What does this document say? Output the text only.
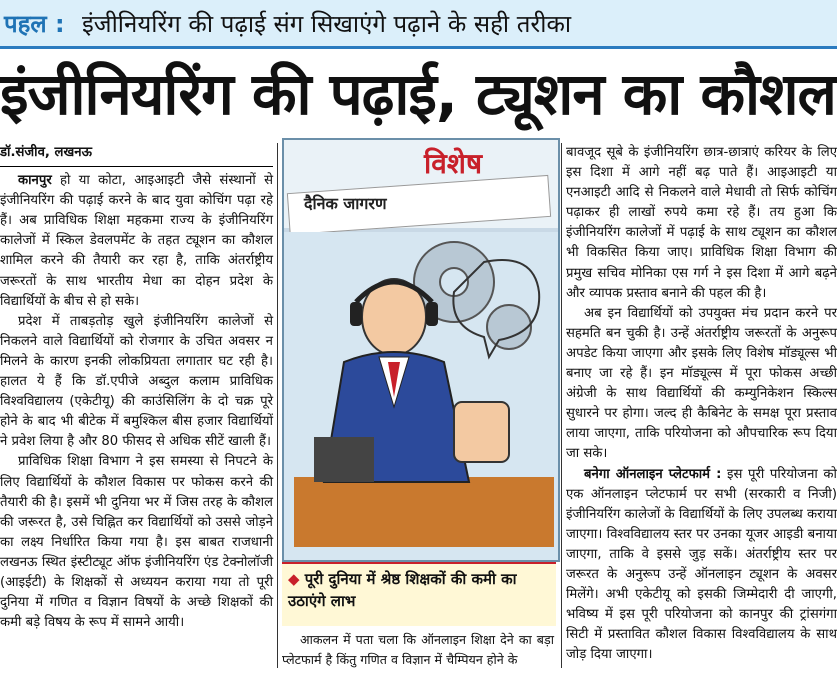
पहल : इंजीनियरिंग की पढ़ाई संग सिखाएंगे पढ़ाने के सही तरीका
इंजीनियरिंग की पढ़ाई, ट्यूशन का कौशल

डॉ.संजीव, लखनऊ

कानपुर हो या कोटा, आइआइटी जैसे संस्थानों से इंजीनियरिंग की पढ़ाई करने के बाद युवा कोचिंग पढ़ा रहे हैं। अब प्राविधिक शिक्षा महकमा राज्य के इंजीनियरिंग कालेजों में स्किल डेवलपमेंट के तहत ट्यूशन का कौशल शामिल करने की तैयारी कर रहा है, ताकि अंतर्राष्ट्रीय जरूरतों के साथ भारतीय मेधा का दोहन प्रदेश के विद्यार्थियों के बीच से हो सके।

प्रदेश में ताबड़तोड़ खुले इंजीनियरिंग कालेजों से निकलने वाले विद्यार्थियों को रोजगार के उचित अवसर न मिलने के कारण इनकी लोकप्रियता लगातार घट रही है। हालत ये हैं कि डॉ.एपीजे अब्दुल कलाम प्राविधिक विश्वविद्यालय (एकेटीयू) की काउंसिलिंग के दो चक्र पूरे होने के बाद भी बीटेक में बमुश्किल बीस हजार विद्यार्थियों ने प्रवेश लिया है और 80 फीसद से अधिक सीटें खाली हैं।

प्राविधिक शिक्षा विभाग ने इस समस्या से निपटने के लिए विद्यार्थियों के कौशल विकास पर फोकस करने की तैयारी की है। इसमें भी दुनिया भर में जिस तरह के कौशल की जरूरत है, उसे चिह्नित कर विद्यार्थियों को उससे जोड़ने का लक्ष्य निर्धारित किया गया है। इस बाबत राजधानी लखनऊ स्थित इंस्टीट्यूट ऑफ इंजीनियरिंग एंड टेक्नोलॉजी (आइईटी) के शिक्षकों से अध्ययन कराया गया तो पूरी दुनिया में गणित व विज्ञान विषयों के अच्छे शिक्षकों की कमी बड़े विषय के रूप में सामने आयी।

दैनिक जागरण
विशेष
◆ पूरी दुनिया में श्रेष्ठ शिक्षकों की कमी का उठाएंगे लाभ

आकलन में पता चला कि ऑनलाइन शिक्षा देने का बड़ा प्लेटफार्म है किंतु गणित व विज्ञान में चैम्पियन होने के

बावजूद सूबे के इंजीनियरिंग छात्र-छात्राएं करियर के लिए इस दिशा में आगे नहीं बढ़ पाते हैं। आइआइटी या एनआइटी आदि से निकलने वाले मेधावी तो सिर्फ कोचिंग पढ़ाकर ही लाखों रुपये कमा रहे हैं। तय हुआ कि इंजीनियरिंग कालेजों में पढ़ाई के साथ ट्यूशन का कौशल भी विकसित किया जाए। प्राविधिक शिक्षा विभाग की प्रमुख सचिव मोनिका एस गर्ग ने इस दिशा में आगे बढ़ने और व्यापक प्रस्ताव बनाने की पहल की है।

अब इन विद्यार्थियों को उपयुक्त मंच प्रदान करने पर सहमति बन चुकी है। उन्हें अंतर्राष्ट्रीय जरूरतों के अनुरूप अपडेट किया जाएगा और इसके लिए विशेष मॉड्यूल्स भी बनाए जा रहे हैं। इन मॉड्यूल्स में पूरा फोकस अच्छी अंग्रेजी के साथ विद्यार्थियों की कम्युनिकेशन स्किल्स सुधारने पर होगा। जल्द ही कैबिनेट के समक्ष पूरा प्रस्ताव लाया जाएगा, ताकि परियोजना को औपचारिक रूप दिया जा सके।

बनेगा ऑनलाइन प्लेटफार्म : इस पूरी परियोजना को एक ऑनलाइन प्लेटफार्म पर सभी (सरकारी व निजी) इंजीनियरिंग कालेजों के विद्यार्थियों के लिए उपलब्ध कराया जाएगा। विश्वविद्यालय स्तर पर उनका यूजर आइडी बनाया जाएगा, ताकि वे इससे जुड़ सकें। अंतर्राष्ट्रीय स्तर पर जरूरत के अनुरूप उन्हें ऑनलाइन ट्यूशन के अवसर मिलेंगे। अभी एकेटीयू को इसकी जिम्मेदारी दी जाएगी, भविष्य में इस पूरी परियोजना को कानपुर की ट्रांसगंगा सिटी में प्रस्तावित कौशल विकास विश्वविद्यालय के साथ जोड़ दिया जाएगा।
